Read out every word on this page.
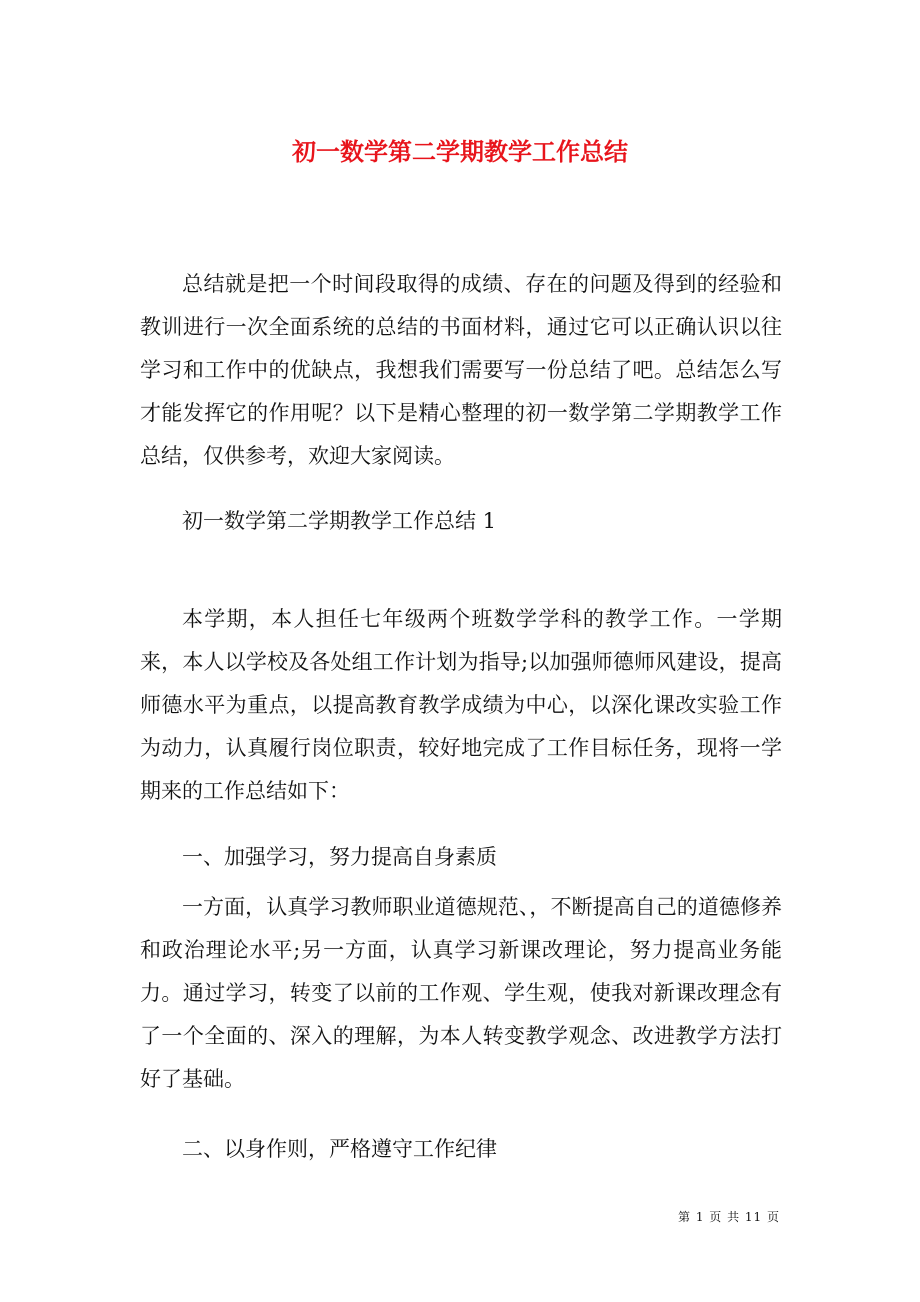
初一数学第二学期教学工作总结

总结就是把一个时间段取得的成绩、存在的问题及得到的经验和教训进行一次全面系统的总结的书面材料，通过它可以正确认识以往学习和工作中的优缺点，我想我们需要写一份总结了吧。总结怎么写才能发挥它的作用呢？以下是精心整理的初一数学第二学期教学工作总结，仅供参考，欢迎大家阅读。

初一数学第二学期教学工作总结 1

本学期，本人担任七年级两个班数学学科的教学工作。一学期来，本人以学校及各处组工作计划为指导;以加强师德师风建设，提高师德水平为重点，以提高教育教学成绩为中心，以深化课改实验工作为动力，认真履行岗位职责，较好地完成了工作目标任务，现将一学期来的工作总结如下：

一、加强学习，努力提高自身素质

一方面，认真学习教师职业道德规范、，不断提高自己的道德修养和政治理论水平;另一方面，认真学习新课改理论，努力提高业务能力。通过学习，转变了以前的工作观、学生观，使我对新课改理念有了一个全面的、深入的理解，为本人转变教学观念、改进教学方法打好了基础。

二、以身作则，严格遵守工作纪律

第 1 页 共 11 页
